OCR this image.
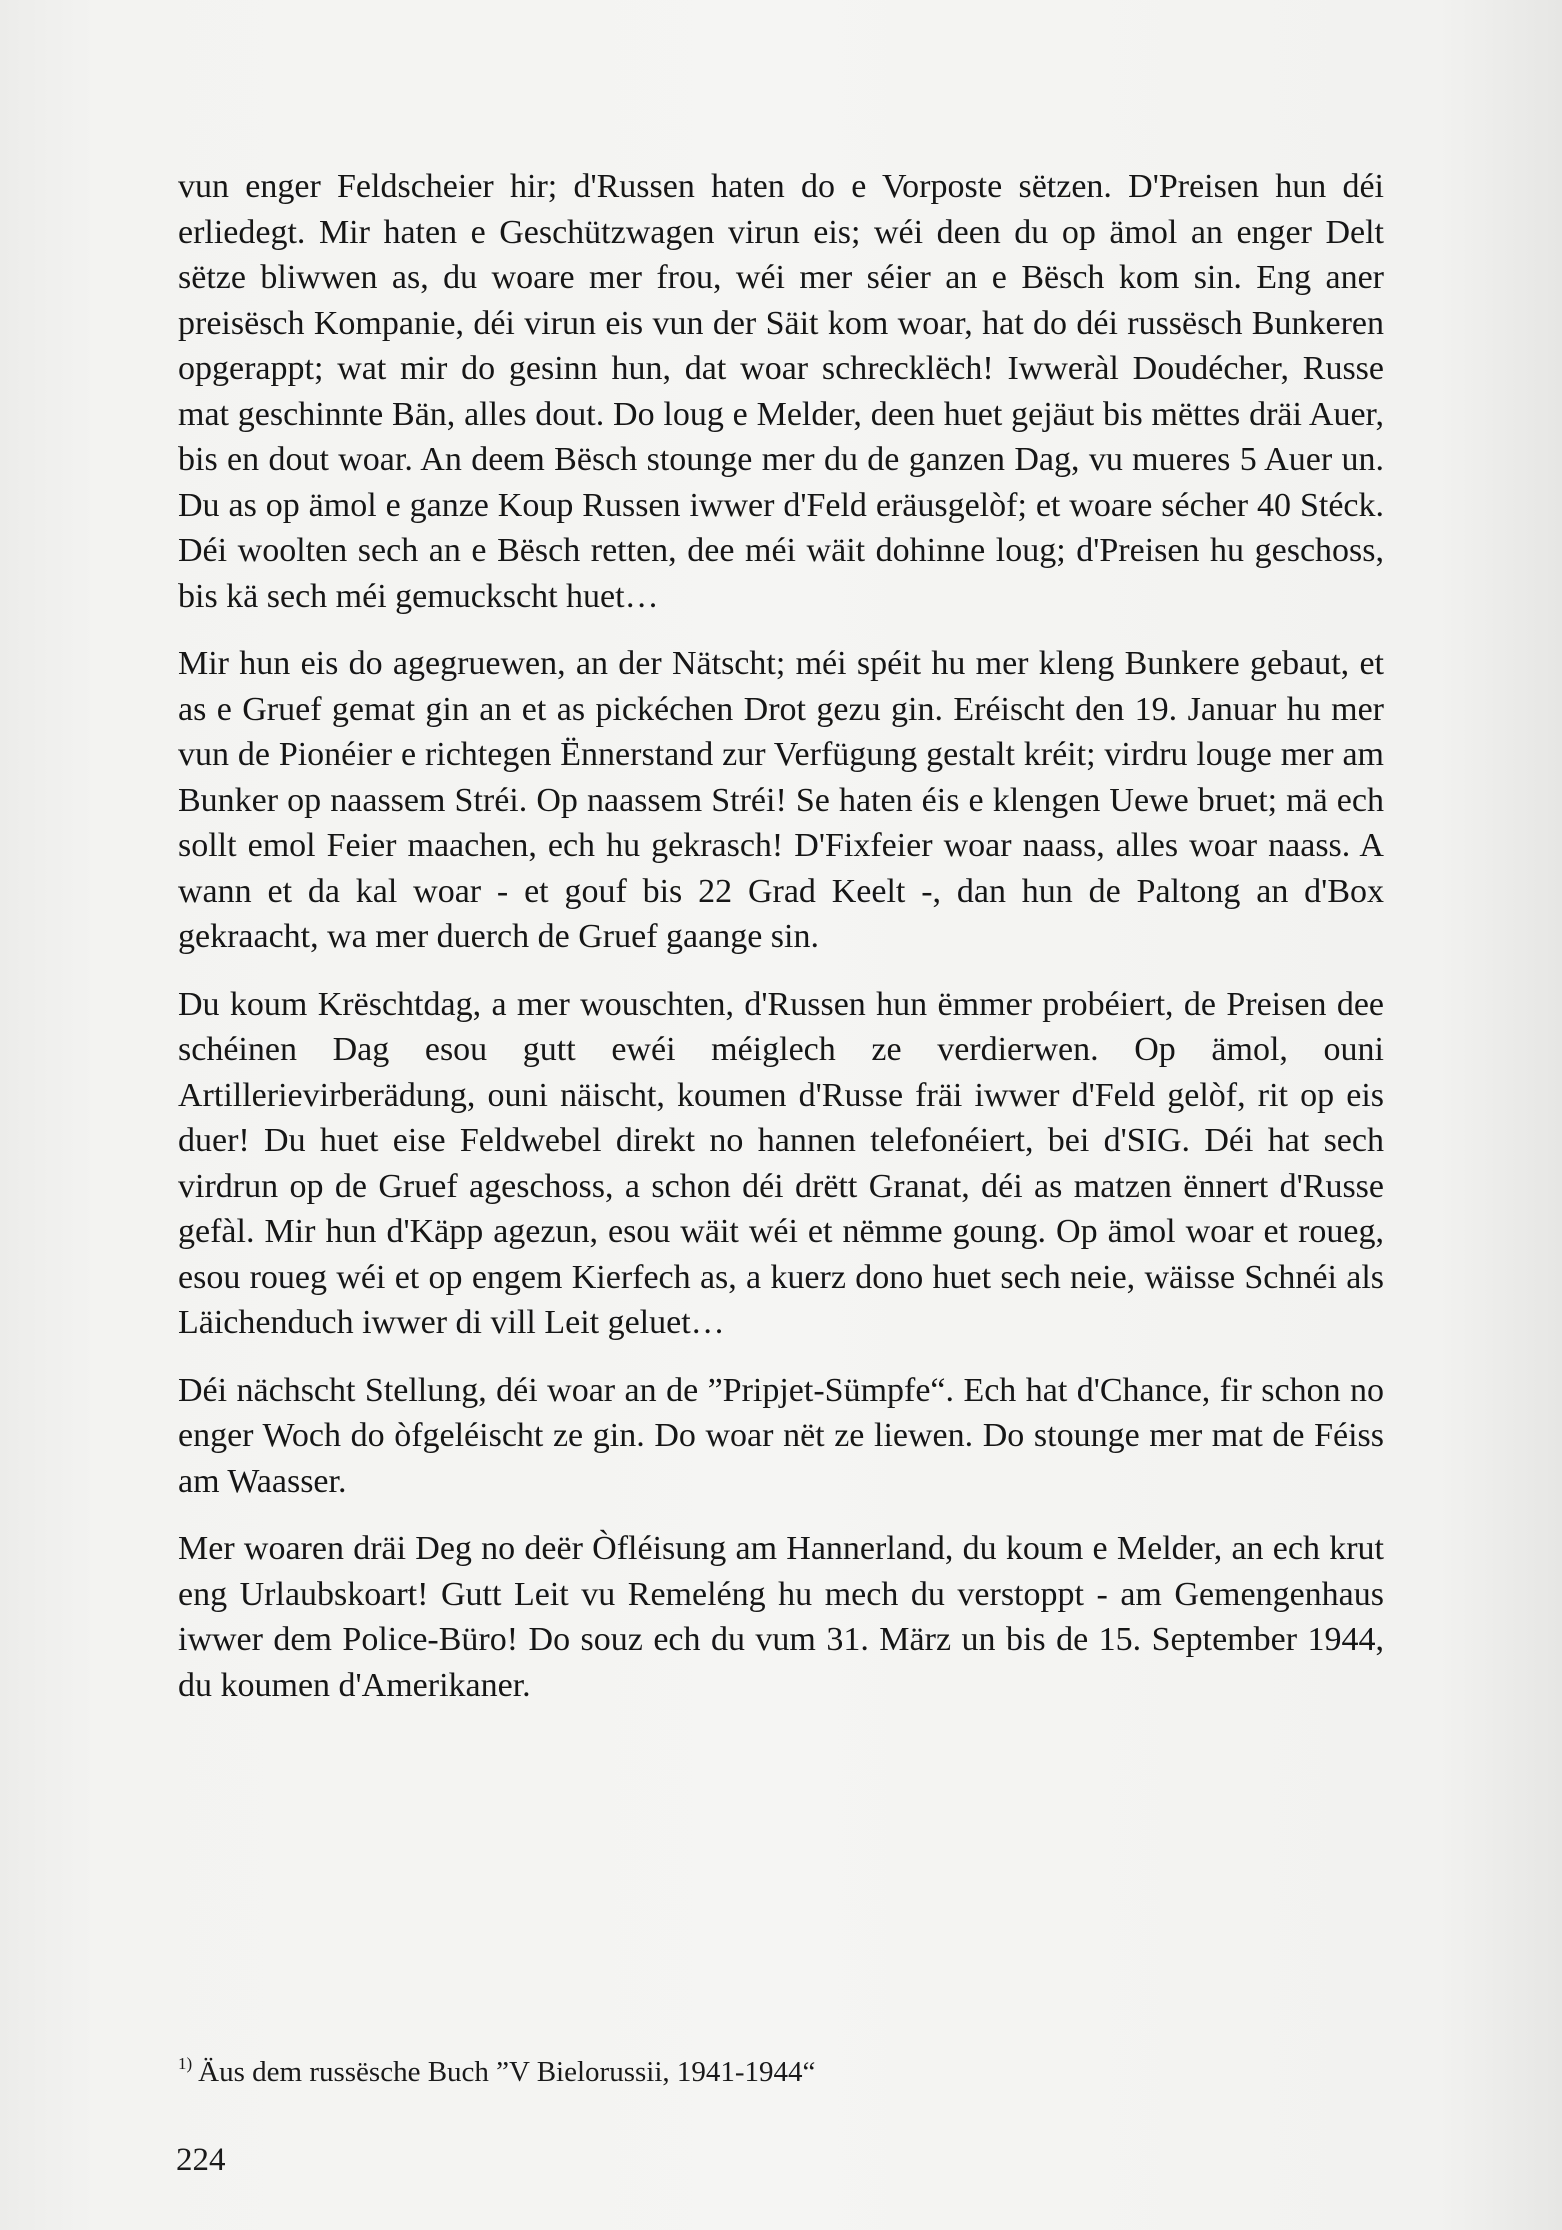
vun enger Feldscheier hir; d'Russen haten do e Vorposte sëtzen. D'Preisen hun déi erliedegt. Mir haten e Geschützwagen virun eis; wéi deen du op ämol an enger Delt sëtze bliwwen as, du woare mer frou, wéi mer séier an e Bësch kom sin. Eng aner preisësch Kompanie, déi virun eis vun der Säit kom woar, hat do déi russësch Bunkeren opgerappt; wat mir do gesinn hun, dat woar schrecklëch! Iwweràl Doudécher, Russe mat geschinnte Bän, alles dout. Do loug e Melder, deen huet gejäut bis mëttes dräi Auer, bis en dout woar. An deem Bësch stounge mer du de ganzen Dag, vu mueres 5 Auer un. Du as op ämol e ganze Koup Russen iwwer d'Feld eräusgelòf; et woare sécher 40 Stéck. Déi woolten sech an e Bësch retten, dee méi wäit dohinne loug; d'Preisen hu geschoss, bis kä sech méi gemuckscht huet…

Mir hun eis do agegruewen, an der Nätscht; méi spéit hu mer kleng Bunkere gebaut, et as e Gruef gemat gin an et as pickéchen Drot gezu gin. Eréischt den 19. Januar hu mer vun de Pionéier e richtegen Ënnerstand zur Verfügung gestalt kréit; virdru louge mer am Bunker op naassem Stréi. Op naassem Stréi! Se haten éis e klengen Uewe bruet; mä ech sollt emol Feier maachen, ech hu gekrasch! D'Fixfeier woar naass, alles woar naass. A wann et da kal woar - et gouf bis 22 Grad Keelt -, dan hun de Paltong an d'Box gekraacht, wa mer duerch de Gruef gaange sin.

Du koum Krëschtdag, a mer wouschten, d'Russen hun ëmmer probéiert, de Preisen dee schéinen Dag esou gutt ewéi méiglech ze verdierwen. Op ämol, ouni Artillerievirberädung, ouni näischt, koumen d'Russe fräi iwwer d'Feld gelòf, rit op eis duer! Du huet eise Feldwebel direkt no hannen telefonéiert, bei d'SIG. Déi hat sech virdrun op de Gruef ageschoss, a schon déi drëtt Granat, déi as matzen ënnert d'Russe gefàl. Mir hun d'Käpp agezun, esou wäit wéi et nëmme goung. Op ämol woar et roueg, esou roueg wéi et op engem Kierfech as, a kuerz dono huet sech neie, wäisse Schnéi als Läichenduch iwwer di vill Leit geluet…

Déi nächscht Stellung, déi woar an de ”Pripjet-Sümpfe“. Ech hat d'Chance, fir schon no enger Woch do òfgeléischt ze gin. Do woar nët ze liewen. Do stounge mer mat de Féiss am Waasser.

Mer woaren dräi Deg no deër Òfléisung am Hannerland, du koum e Melder, an ech krut eng Urlaubskoart! Gutt Leit vu Remeléng hu mech du verstoppt - am Gemengenhaus iwwer dem Police-Büro! Do souz ech du vum 31. März un bis de 15. September 1944, du koumen d'Amerikaner.

$^{1)}$ Äus dem russësche Buch ”V Bielorussii, 1941-1944“
224
